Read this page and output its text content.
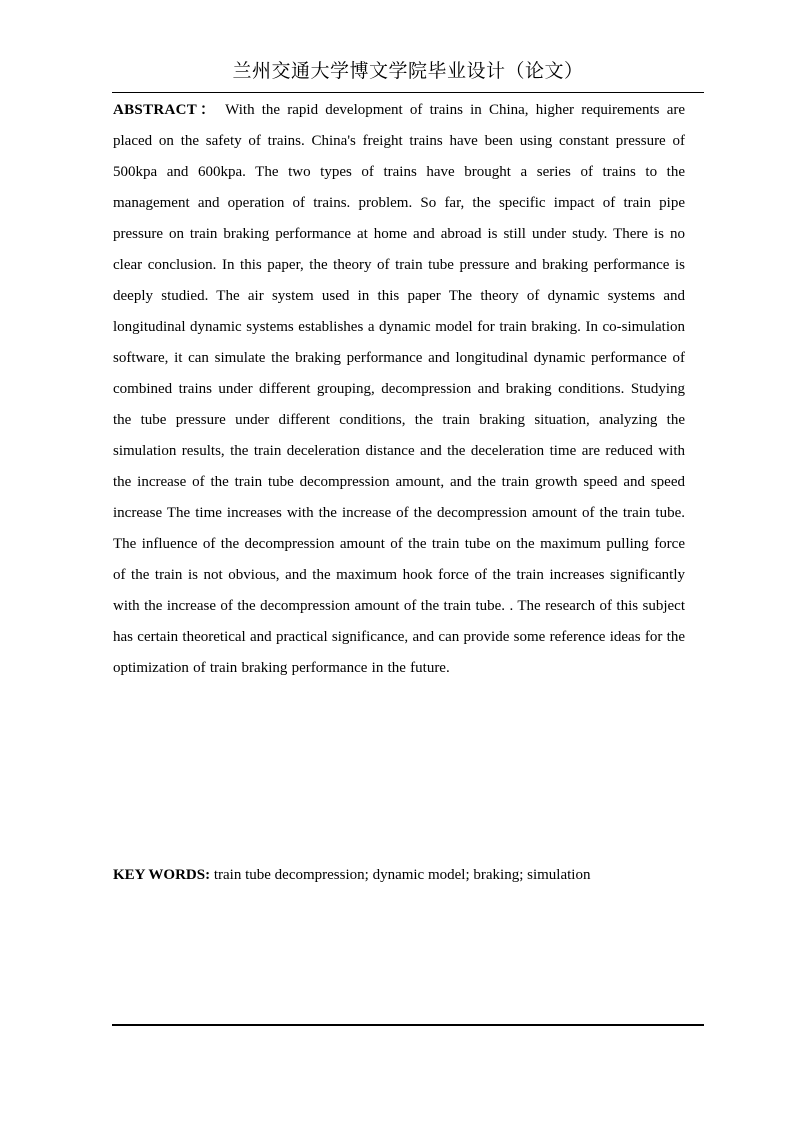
兰州交通大学博文学院毕业设计（论文）

ABSTRACT： With the rapid development of trains in China, higher requirements are placed on the safety of trains. China's freight trains have been using constant pressure of 500kpa and 600kpa. The two types of trains have brought a series of trains to the management and operation of trains. problem. So far, the specific impact of train pipe pressure on train braking performance at home and abroad is still under study. There is no clear conclusion. In this paper, the theory of train tube pressure and braking performance is deeply studied. The air system used in this paper The theory of dynamic systems and longitudinal dynamic systems establishes a dynamic model for train braking. In co-simulation software, it can simulate the braking performance and longitudinal dynamic performance of combined trains under different grouping, decompression and braking conditions. Studying the tube pressure under different conditions, the train braking situation, analyzing the simulation results, the train deceleration distance and the deceleration time are reduced with the increase of the train tube decompression amount, and the train growth speed and speed increase The time increases with the increase of the decompression amount of the train tube. The influence of the decompression amount of the train tube on the maximum pulling force of the train is not obvious, and the maximum hook force of the train increases significantly with the increase of the decompression amount of the train tube. . The research of this subject has certain theoretical and practical significance, and can provide some reference ideas for the optimization of train braking performance in the future.

KEY WORDS: train tube decompression; dynamic model; braking; simulation
